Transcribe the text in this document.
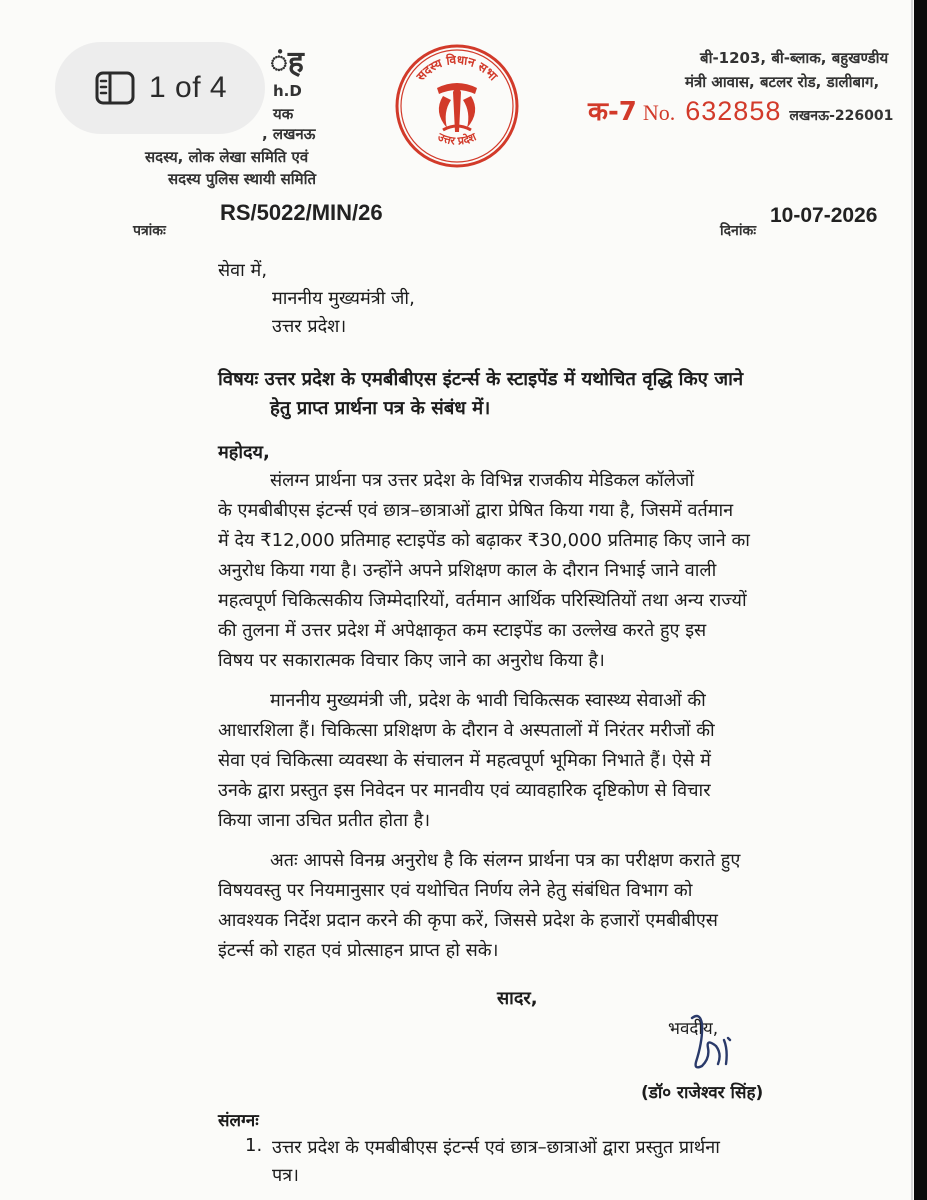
ंह
h.D
यक
, लखनऊ
सदस्य, लोक लेखा समिति एवं
सदस्य पुलिस स्थायी समिति
सदस्य विधान सभा
उत्तर प्रदेश
बी-1203, बी-ब्लाक, बहुखण्डीय
मंत्री आवास, बटलर रोड, डालीबाग,
क-7 No. 632858 लखनऊ-226001
पत्रांकः
RS/5022/MIN/26
दिनांकः
10-07-2026
सेवा में,
माननीय मुख्यमंत्री जी,
उत्तर प्रदेश।
विषयः उत्तर प्रदेश के एमबीबीएस इंटर्न्स के स्टाइपेंड में यथोचित वृद्धि किए जाने
हेतु प्राप्त प्रार्थना पत्र के संबंध में।
महोदय,
संलग्न प्रार्थना पत्र उत्तर प्रदेश के विभिन्न राजकीय मेडिकल कॉलेजों
के एमबीबीएस इंटर्न्स एवं छात्र–छात्राओं द्वारा प्रेषित किया गया है, जिसमें वर्तमान
में देय ₹12,000 प्रतिमाह स्टाइपेंड को बढ़ाकर ₹30,000 प्रतिमाह किए जाने का
अनुरोध किया गया है। उन्होंने अपने प्रशिक्षण काल के दौरान निभाई जाने वाली
महत्वपूर्ण चिकित्सकीय जिम्मेदारियों, वर्तमान आर्थिक परिस्थितियों तथा अन्य राज्यों
की तुलना में उत्तर प्रदेश में अपेक्षाकृत कम स्टाइपेंड का उल्लेख करते हुए इस
विषय पर सकारात्मक विचार किए जाने का अनुरोध किया है।
माननीय मुख्यमंत्री जी, प्रदेश के भावी चिकित्सक स्वास्थ्य सेवाओं की
आधारशिला हैं। चिकित्सा प्रशिक्षण के दौरान वे अस्पतालों में निरंतर मरीजों की
सेवा एवं चिकित्सा व्यवस्था के संचालन में महत्वपूर्ण भूमिका निभाते हैं। ऐसे में
उनके द्वारा प्रस्तुत इस निवेदन पर मानवीय एवं व्यावहारिक दृष्टिकोण से विचार
किया जाना उचित प्रतीत होता है।
अतः आपसे विनम्र अनुरोध है कि संलग्न प्रार्थना पत्र का परीक्षण कराते हुए
विषयवस्तु पर नियमानुसार एवं यथोचित निर्णय लेने हेतु संबंधित विभाग को
आवश्यक निर्देश प्रदान करने की कृपा करें, जिससे प्रदेश के हजारों एमबीबीएस
इंटर्न्स को राहत एवं प्रोत्साहन प्राप्त हो सके।
सादर,
भवदीय,
(डॉ० राजेश्वर सिंह)
संलग्नः
1. उत्तर प्रदेश के एमबीबीएस इंटर्न्स एवं छात्र–छात्राओं द्वारा प्रस्तुत प्रार्थना
पत्र।
1 of 4
